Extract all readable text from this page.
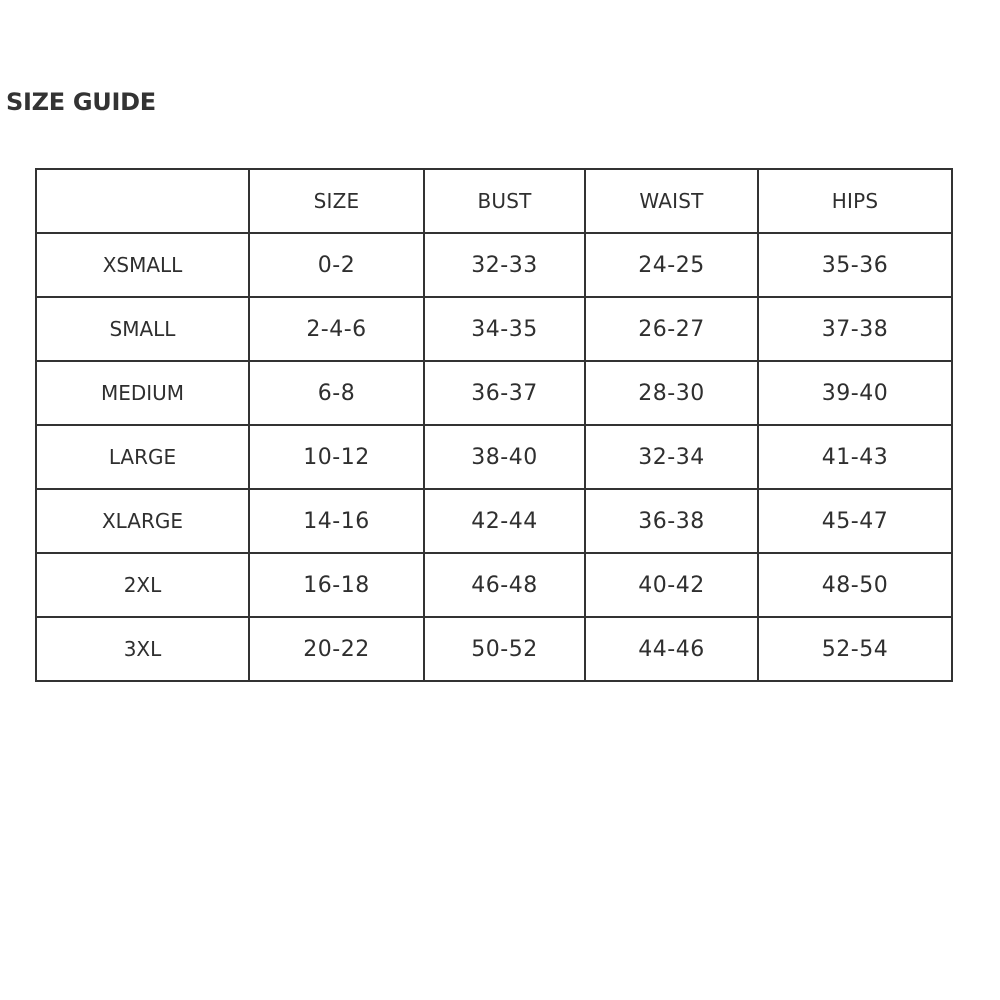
SIZE GUIDE
	SIZE	BUST	WAIST	HIPS
XSMALL	0-2	32-33	24-25	35-36
SMALL	2-4-6	34-35	26-27	37-38
MEDIUM	6-8	36-37	28-30	39-40
LARGE	10-12	38-40	32-34	41-43
XLARGE	14-16	42-44	36-38	45-47
2XL	16-18	46-48	40-42	48-50
3XL	20-22	50-52	44-46	52-54
